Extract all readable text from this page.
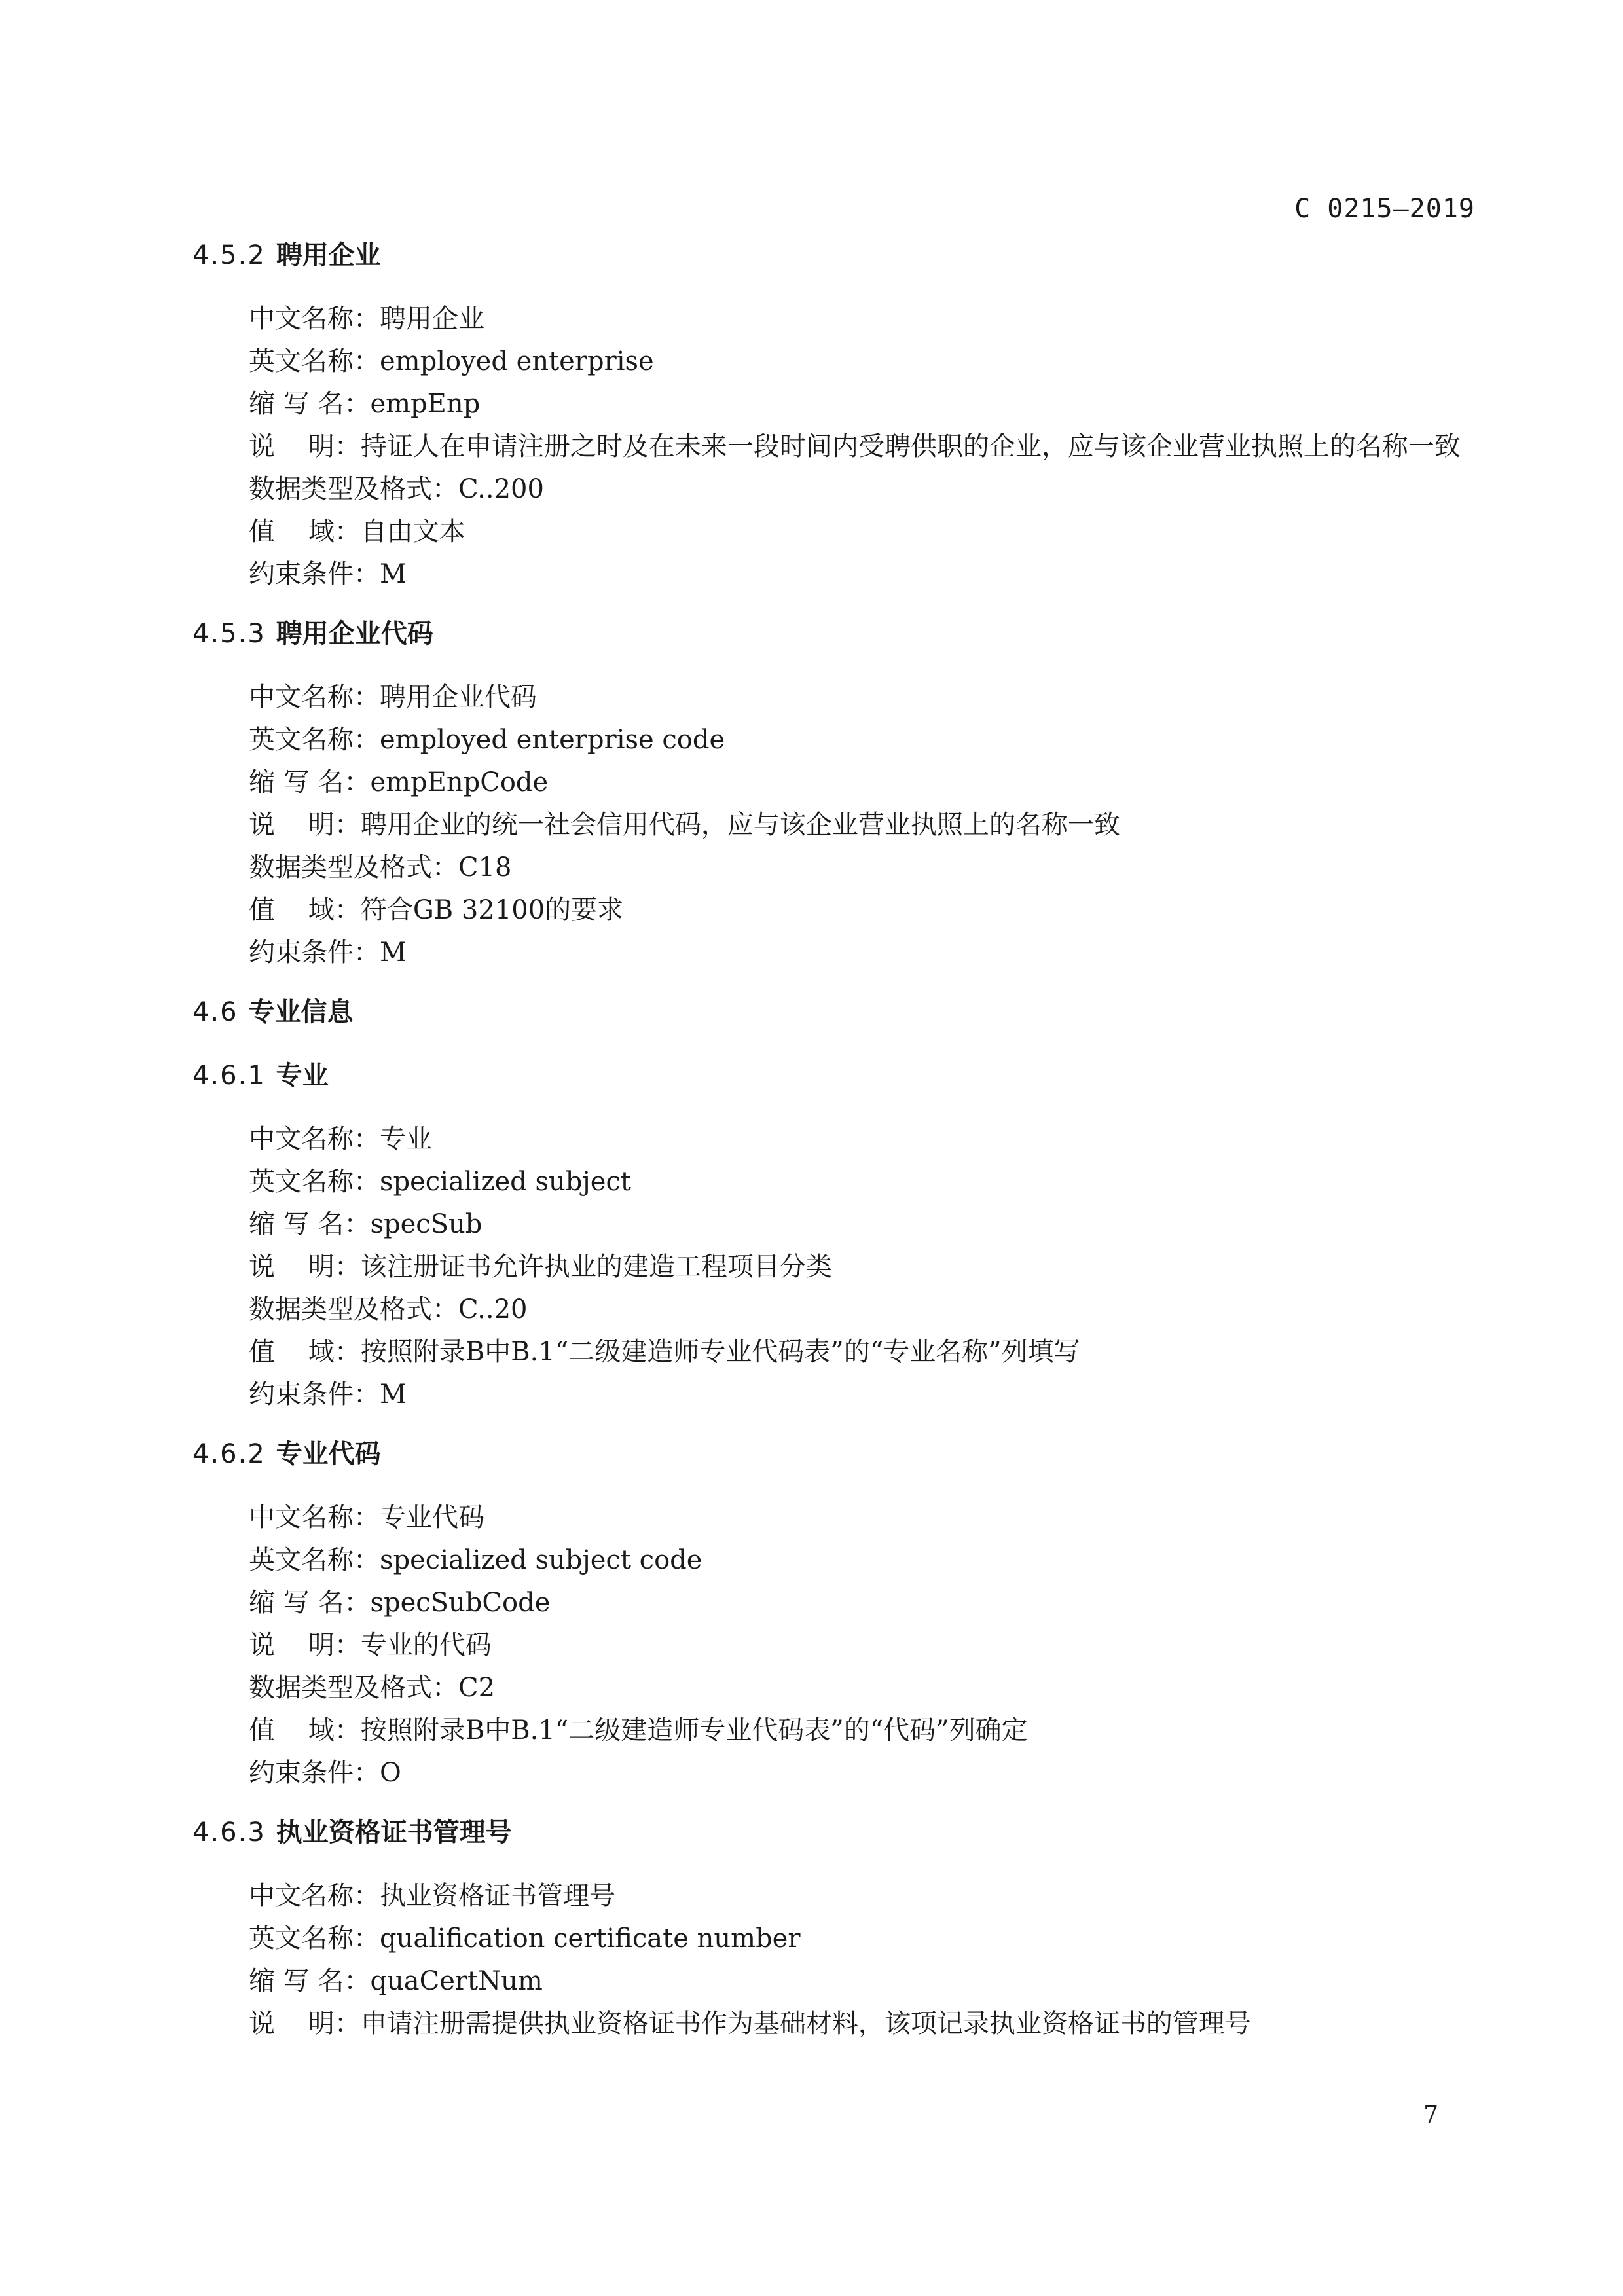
C 0215—2019
4.5.2 聘用企业
中文名称：聘用企业
英文名称：employed enterprise
缩 写 名：empEnp
说    明：持证人在申请注册之时及在未来一段时间内受聘供职的企业，应与该企业营业执照上的名称一致
数据类型及格式：C..200
值    域：自由文本
约束条件：M
4.5.3 聘用企业代码
中文名称：聘用企业代码
英文名称：employed enterprise code
缩 写 名：empEnpCode
说    明：聘用企业的统一社会信用代码，应与该企业营业执照上的名称一致
数据类型及格式：C18
值    域：符合GB 32100的要求
约束条件：M
4.6 专业信息
4.6.1 专业
中文名称：专业
英文名称：specialized subject
缩 写 名：specSub
说    明：该注册证书允许执业的建造工程项目分类
数据类型及格式：C..20
值    域：按照附录B中B.1“二级建造师专业代码表”的“专业名称”列填写
约束条件：M
4.6.2 专业代码
中文名称：专业代码
英文名称：specialized subject code
缩 写 名：specSubCode
说    明：专业的代码
数据类型及格式：C2
值    域：按照附录B中B.1“二级建造师专业代码表”的“代码”列确定
约束条件：O
4.6.3 执业资格证书管理号
中文名称：执业资格证书管理号
英文名称：qualification certificate number
缩 写 名：quaCertNum
说    明：申请注册需提供执业资格证书作为基础材料，该项记录执业资格证书的管理号
7
